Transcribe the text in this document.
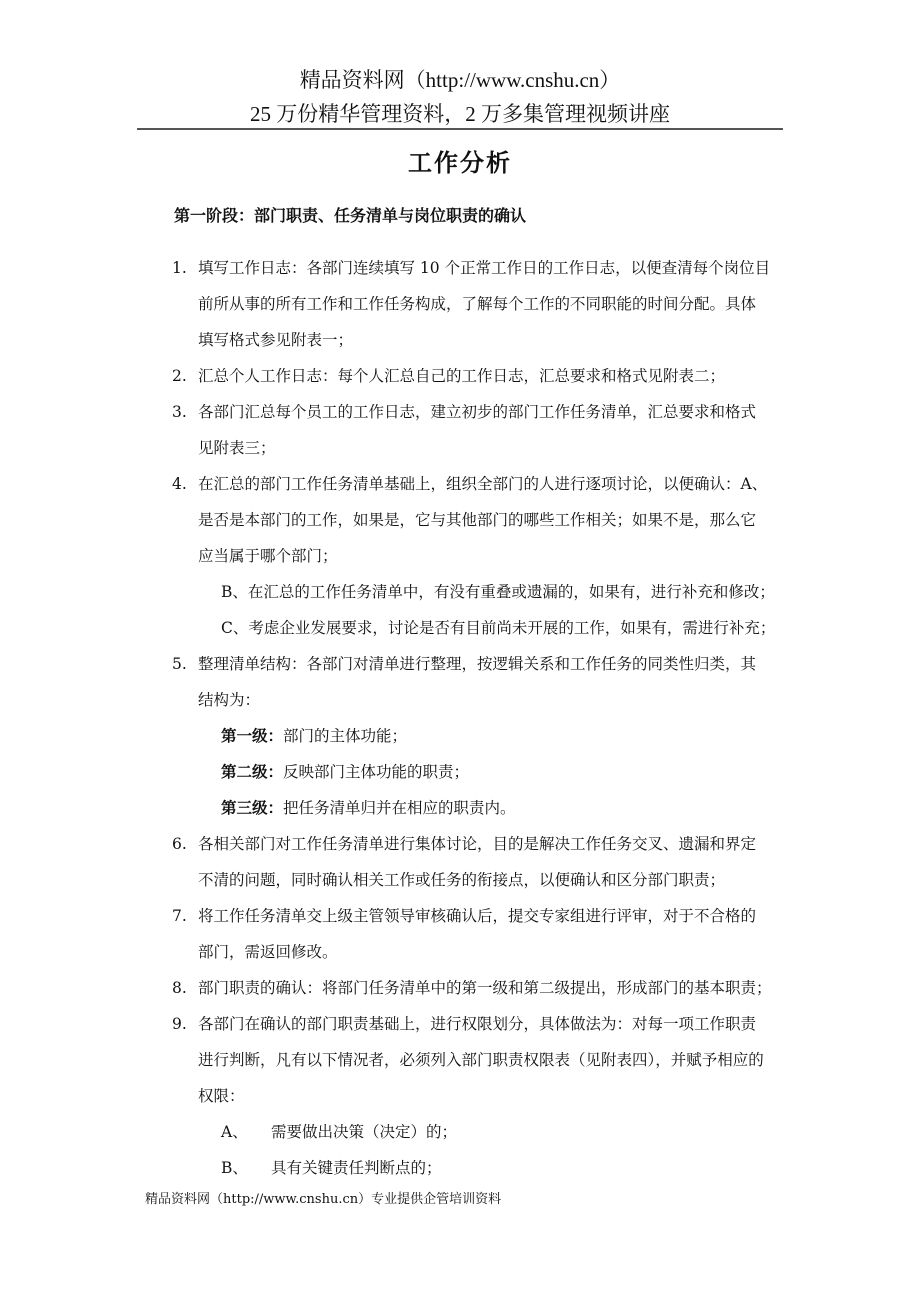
精品资料网（http://www.cnshu.cn）
25 万份精华管理资料，2 万多集管理视频讲座
工作分析
第一阶段：部门职责、任务清单与岗位职责的确认
1. 填写工作日志：各部门连续填写 10 个正常工作日的工作日志，以便查清每个岗位目
前所从事的所有工作和工作任务构成，了解每个工作的不同职能的时间分配。具体
填写格式参见附表一；
2. 汇总个人工作日志：每个人汇总自己的工作日志，汇总要求和格式见附表二；
3. 各部门汇总每个员工的工作日志，建立初步的部门工作任务清单，汇总要求和格式
见附表三；
4. 在汇总的部门工作任务清单基础上，组织全部门的人进行逐项讨论，以便确认：A、
是否是本部门的工作，如果是，它与其他部门的哪些工作相关；如果不是，那么它
应当属于哪个部门；
B、在汇总的工作任务清单中，有没有重叠或遗漏的，如果有，进行补充和修改；
C、考虑企业发展要求，讨论是否有目前尚未开展的工作，如果有，需进行补充；
5. 整理清单结构：各部门对清单进行整理，按逻辑关系和工作任务的同类性归类，其
结构为：
第一级：部门的主体功能；
第二级：反映部门主体功能的职责；
第三级：把任务清单归并在相应的职责内。
6. 各相关部门对工作任务清单进行集体讨论，目的是解决工作任务交叉、遗漏和界定
不清的问题，同时确认相关工作或任务的衔接点，以便确认和区分部门职责；
7. 将工作任务清单交上级主管领导审核确认后，提交专家组进行评审，对于不合格的
部门，需返回修改。
8. 部门职责的确认：将部门任务清单中的第一级和第二级提出，形成部门的基本职责；
9. 各部门在确认的部门职责基础上，进行权限划分，具体做法为：对每一项工作职责
进行判断，凡有以下情况者，必须列入部门职责权限表（见附表四），并赋予相应的
权限：
A、 需要做出决策（决定）的；
B、 具有关键责任判断点的；
精品资料网（http://www.cnshu.cn）专业提供企管培训资料
